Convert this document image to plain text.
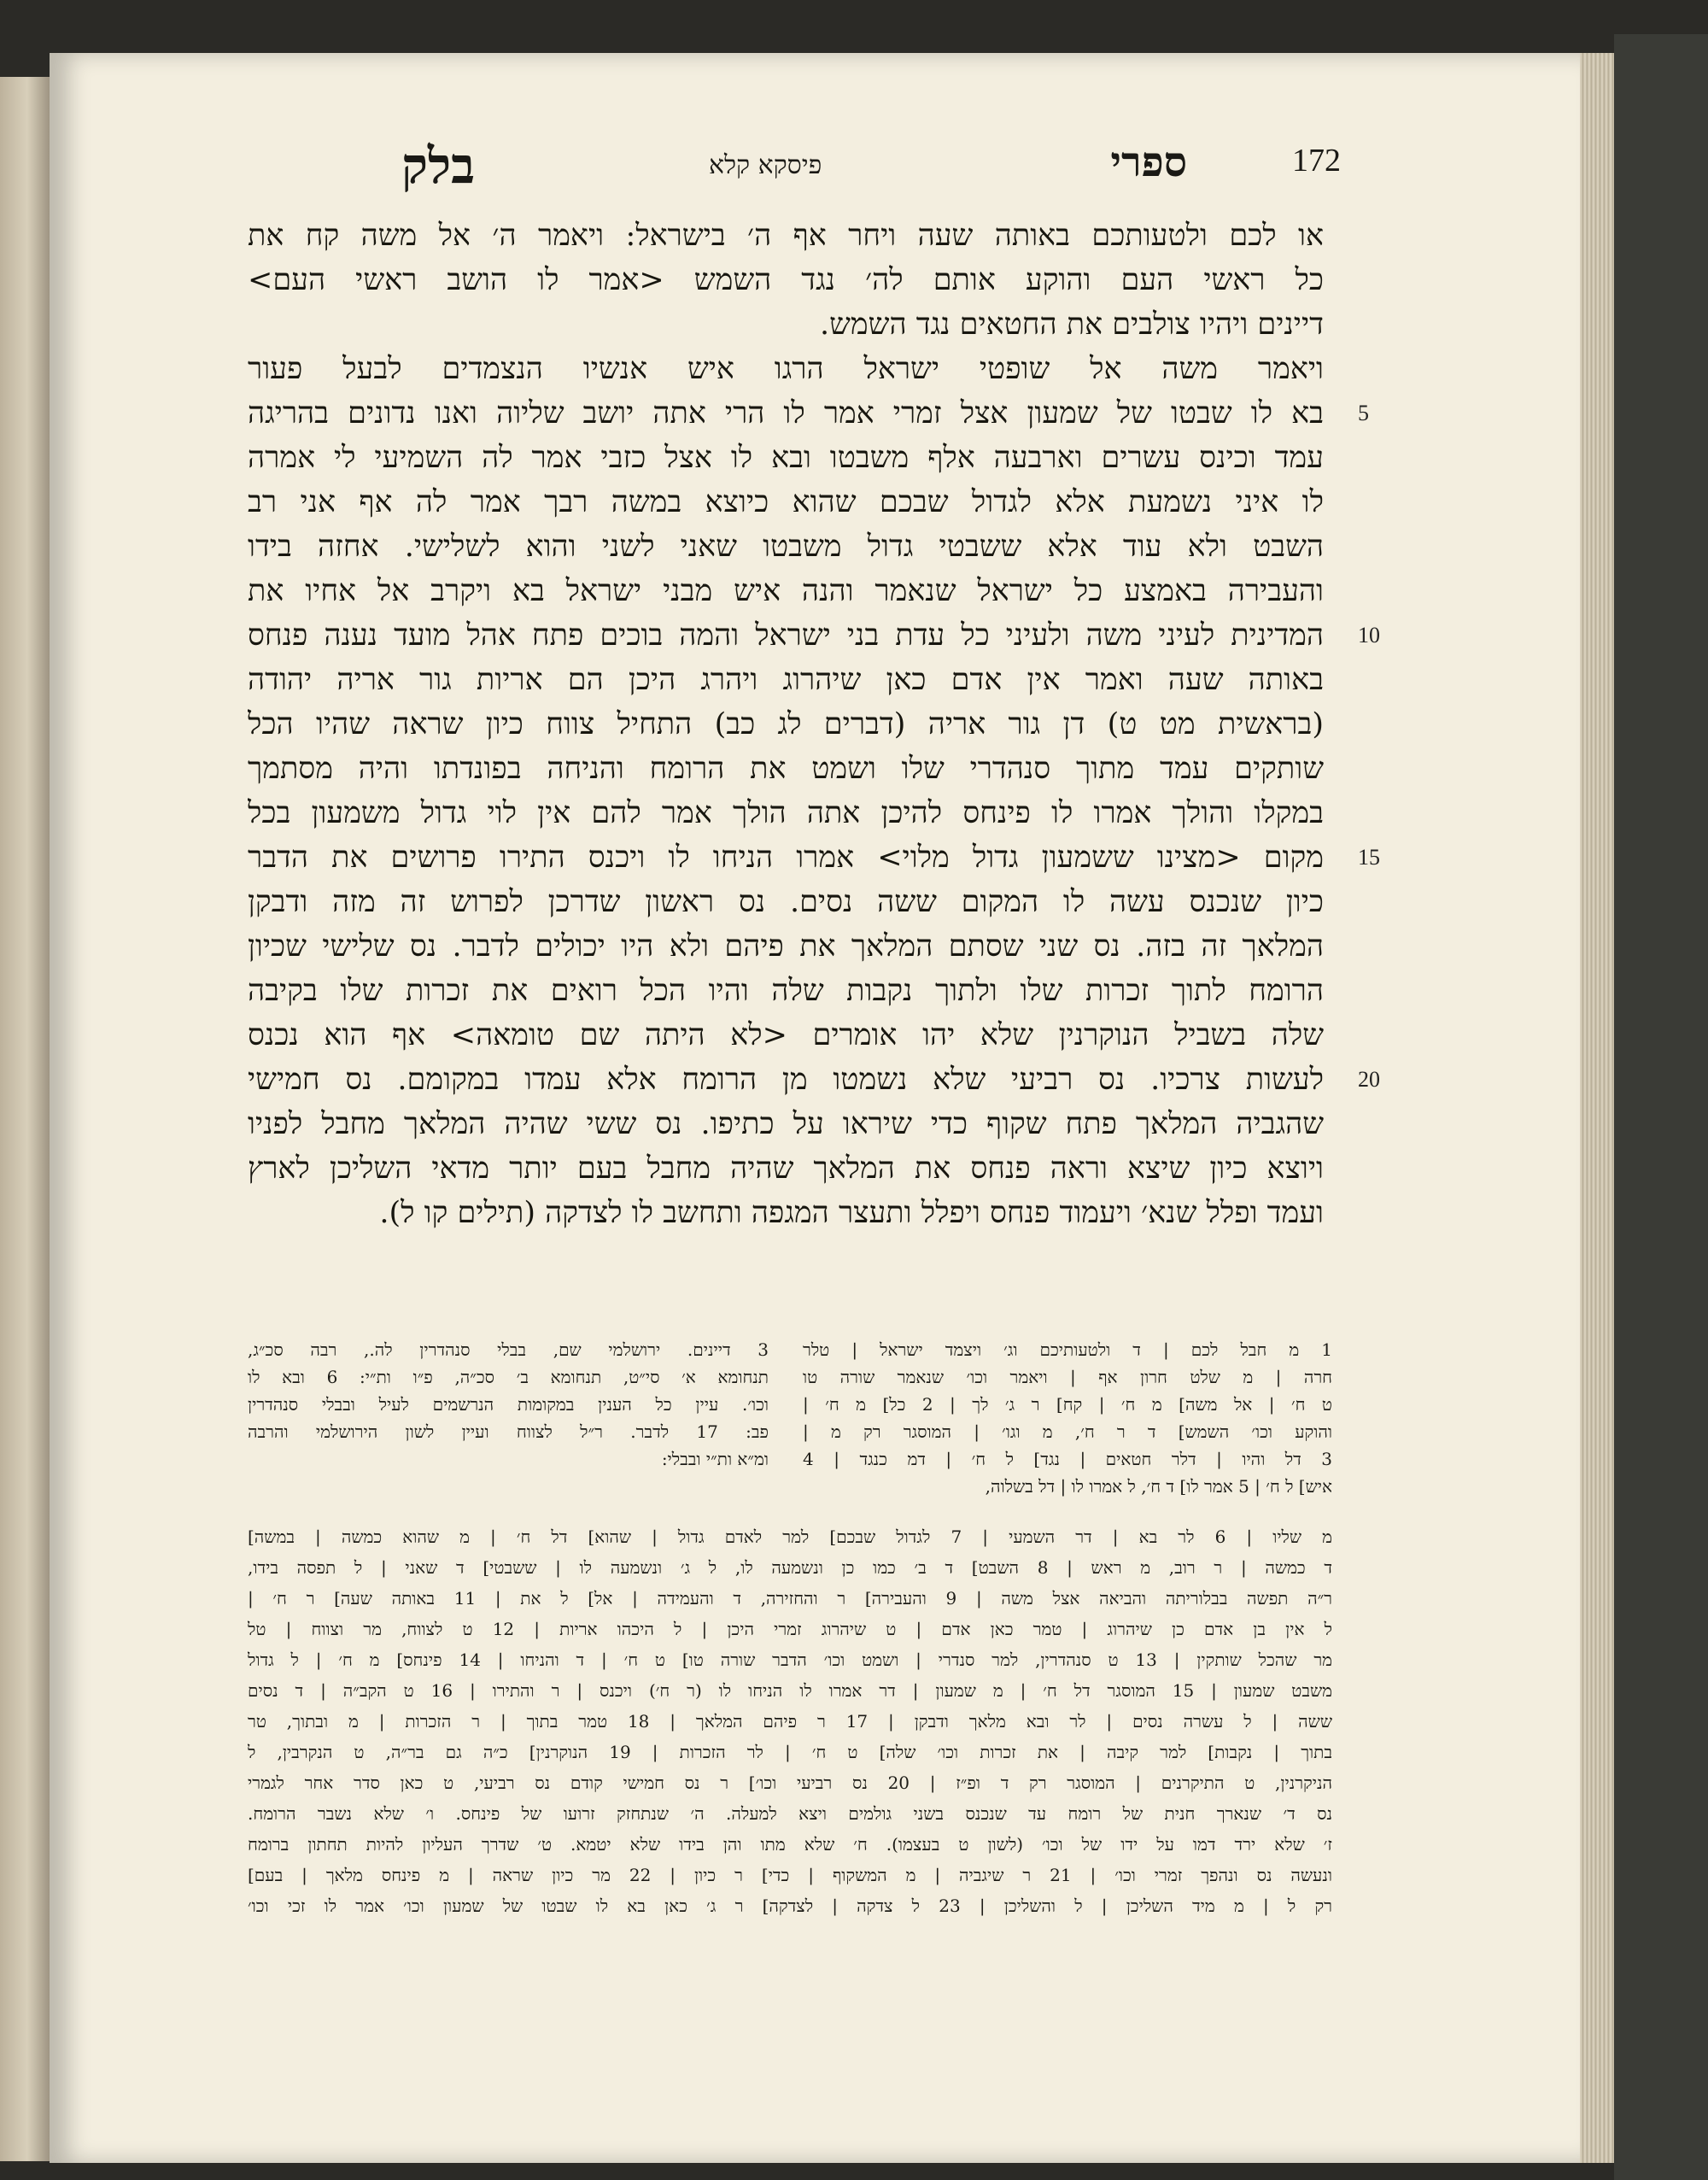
בלק	פיסקא קלא	ספרי	172
או לכם ולטעותכם באותה שעה ויחר אף ה׳ בישראל: ויאמר ה׳ אל משה קח את
כל ראשי העם והוקע אותם לה׳ נגד השמש <אמר לו הושב ראשי העם>
דיינים ויהיו צולבים את החטאים נגד השמש.
ויאמר משה אל שופטי ישראל הרגו איש אנשיו הנצמדים לבעל פעור
בא לו שבטו של שמעון אצל זמרי אמר לו הרי אתה יושב שליוה ואנו נדונים בהריגה
עמד וכינס עשרים וארבעה אלף משבטו ובא לו אצל כזבי אמר לה השמיעי לי אמרה
לו איני נשמעת אלא לגדול שבכם שהוא כיוצא במשה רבך אמר לה אף אני רב
השבט ולא עוד אלא ששבטי גדול משבטו שאני לשני והוא לשלישי. אחזה בידו
והעבירה באמצע כל ישראל שנאמר והנה איש מבני ישראל בא ויקרב אל אחיו את
המדינית לעיני משה ולעיני כל עדת בני ישראל והמה בוכים פתח אהל מועד נענה פנחס
באותה שעה ואמר אין אדם כאן שיהרוג ויהרג היכן הם אריות גור אריה יהודה
(בראשית מט ט) דן גור אריה (דברים לג כב) התחיל צווח כיון שראה שהיו הכל
שותקים עמד מתוך סנהדרי שלו ושמט את הרומח והניחה בפונדתו והיה מסתמך
במקלו והולך אמרו לו פינחס להיכן אתה הולך אמר להם אין לוי גדול משמעון בכל
מקום <מצינו ששמעון גדול מלוי> אמרו הניחו לו ויכנס התירו פרושים את הדבר
כיון שנכנס עשה לו המקום ששה נסים. נס ראשון שדרכן לפרוש זה מזה ודבקן
המלאך זה בזה. נס שני שסתם המלאך את פיהם ולא היו יכולים לדבר. נס שלישי שכיון
הרומח לתוך זכרות שלו ולתוך נקבות שלה והיו הכל רואים את זכרות שלו בקיבה
שלה בשביל הנוקרנין שלא יהו אומרים <לא היתה שם טומאה> אף הוא נכנס
לעשות צרכיו. נס רביעי שלא נשמטו מן הרומח אלא עמדו במקומם. נס חמישי
שהגביה המלאך פתח שקוף כדי שיראו על כתיפו. נס ששי שהיה המלאך מחבל לפניו
ויוצא כיון שיצא וראה פנחס את המלאך שהיה מחבל בעם יותר מדאי השליכן לארץ
ועמד ופלל שנא׳ ויעמוד פנחס ויפלל ותעצר המגפה ותחשב לו לצדקה (תילים קו ל).
5
10
15
20
3 דיינים. ירושלמי שם, בבלי סנהדרין לה., רבה סכ״ג,
תנחומא א׳ סי״ט, תנחומא ב׳ סכ״ה, פ״ו ות״י: 6 ובא לו
וכו׳. עיין כל הענין במקומות הנרשמים לעיל ובבלי סנהדרין
פב: 17 לדבר. ר״ל לצווח ועיין לשון הירושלמי והרבה
ומ״א ות״י ובבלי:
1 מ חבל לכם | ד ולטעותיכם וג׳ ויצמד ישראל | טלר
חרה | מ שלט חרון אף | ויאמר וכו׳ שנאמר שורה טו
ט ח׳ | אל משה] מ ח׳ | קח] ר ג׳ לך | 2 כל] מ ח׳ |
והוקע וכו׳ השמש] ד ר ח׳, מ וגו׳ | המוסגר רק מ |
3 דל והיו | דלר חטאים | נגד] ל ח׳ | דמ כנגד | 4
איש] ל ח׳ | 5 אמר לו] ד ח׳, ל אמרו לו | דל בשלוה,
מ שליו | 6 לר בא | דר השמעי | 7 לגדול שבכם] למר לאדם גדול | שהוא] דל ח׳ | מ שהוא כמשה | במשה]
ד כמשה | ר רוב, מ ראש | 8 השבט] ד ב׳ כמו כן ונשמעה לו, ל ג׳ ונשמעה לו | ששבטי] ד שאני | ל תפסה בידו,
ר״ה תפשה בבלוריתה והביאה אצל משה | 9 והעבירה] ר והחזירה, ד והעמידה | אל] ל את | 11 באותה שעה] ר ח׳ |
ל אין בן אדם כן שיהרוג | טמר כאן אדם | ט שיהרוג זמרי היכן | ל היכהו אריות | 12 ט לצווח, מר וצווח | טל
מר שהכל שותקין | 13 ט סנהדרין, למר סנדרי | ושמט וכו׳ הדבר שורה טו] ט ח׳ | ד והניחו | 14 פינחס] מ ח׳ | ל גדול
משבט שמעון | 15 המוסגר דל ח׳ | מ שמעון | דר אמרו לו הניחו לו (ר ח׳) ויכנס | ר והתירו | 16 ט הקב״ה | ד נסים
ששה | ל עשרה נסים | לר ובא מלאך ודבקן | 17 ר פיהם המלאך | 18 טמר בתוך | ר הזכרות | מ ובתוך, טר
בתוך | נקבות] למר קיבה | את זכרות וכו׳ שלה] ט ח׳ | לר הזכרות | 19 הנוקרנין] כ״ה גם בר״ה, ט הנקרבין, ל
הניקרנין, ט התיקרנים | המוסגר רק ד ופ״ז | 20 נס רביעי וכו׳] ר נס חמישי קודם נס רביעי, ט כאן סדר אחר לגמרי
נס ד׳ שנארך חנית של רומח עד שנכנס בשני גולמים ויצא למעלה. ה׳ שנתחזק זרועו של פינחס. ו׳ שלא נשבר הרומח.
ז׳ שלא ירד דמו על ידו של וכו׳ (לשון ט בעצמו). ח׳ שלא מתו והן בידו שלא יטמא. ט׳ שדרך העליון להיות תחתון ברומח
ונעשה נס ונהפך זמרי וכו׳ | 21 ר שיגביה | מ המשקוף | כדי] ר כיון | 22 מר כיון שראה | מ פינחס מלאך | בעם]
רק ל | מ מיד השליכן | ל והשליכן | 23 ל צדקה | לצדקה] ר ג׳ כאן בא לו שבטו של שמעון וכו׳ אמר לו זכי וכו׳
